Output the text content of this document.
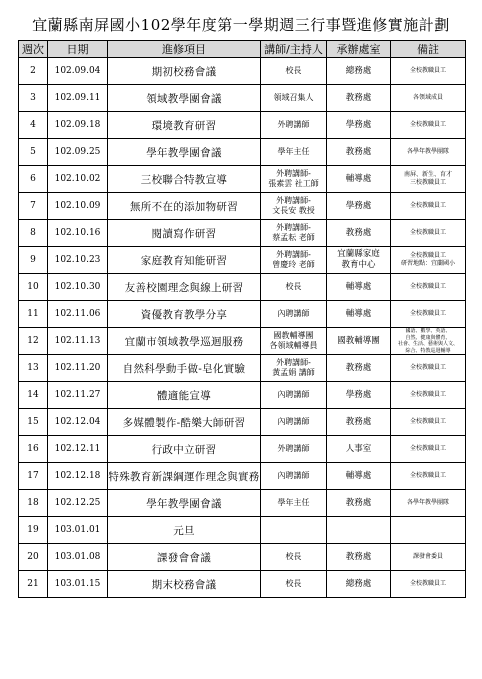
宜蘭縣南屏國小102學年度第一學期週三行事暨進修實施計劃
週次	日期	進修項目	講師/主持人	承辦處室	備註
2	102.09.04	期初校務會議	校長	總務處	全校教職員工
3	102.09.11	領域教學團會議	領域召集人	教務處	各領域成員
4	102.09.18	環境教育研習	外聘講師	學務處	全校教職員工
5	102.09.25	學年教學團會議	學年主任	教務處	各學年教學團隊
6	102.10.02	三校聯合特教宣導	外聘講師-
張素雲 社工師	輔導處	南屏、新生、育才
三校教職員工

7	102.10.09	無所不在的添加物研習	外聘講師-
文長安 教授	學務處	全校教職員工
8	102.10.16	閱讀寫作研習	外聘講師-
蔡孟耘 老師	教務處	全校教職員工
9	102.10.23	家庭教育知能研習	外聘講師-
曾慶玲 老師	宜蘭縣家庭
教育中心	全校教職員工
研習地點：宜蘭國小

10	102.10.30	友善校園理念與線上研習	校長	輔導處	全校教職員工
11	102.11.06	資優教育教學分享	內聘講師	輔導處	全校教職員工
12	102.11.13	宜蘭市領域教學巡迴服務	國教輔導團
各領域輔導員	國教輔導團	國語、數學、英語、
自然、健康與體育、
社會、生活、藝術與人文、
綜合、特教巡迴輔導

13	102.11.20	自然科學動手做-皂化實驗	外聘講師-
黃孟娟 講師	教務處	全校教職員工
14	102.11.27	體適能宣導	內聘講師	學務處	全校教職員工
15	102.12.04	多媒體製作-酷樂大師研習	內聘講師	教務處	全校教職員工
16	102.12.11	行政中立研習	外聘講師	人事室	全校教職員工
17	102.12.18	特殊教育新課綱運作理念與實務	內聘講師	輔導處	全校教職員工
18	102.12.25	學年教學團會議	學年主任	教務處	各學年教學團隊
19	103.01.01	元旦			
20	103.01.08	課發會會議	校長	教務處	課發會委員
21	103.01.15	期末校務會議	校長	總務處	全校教職員工
